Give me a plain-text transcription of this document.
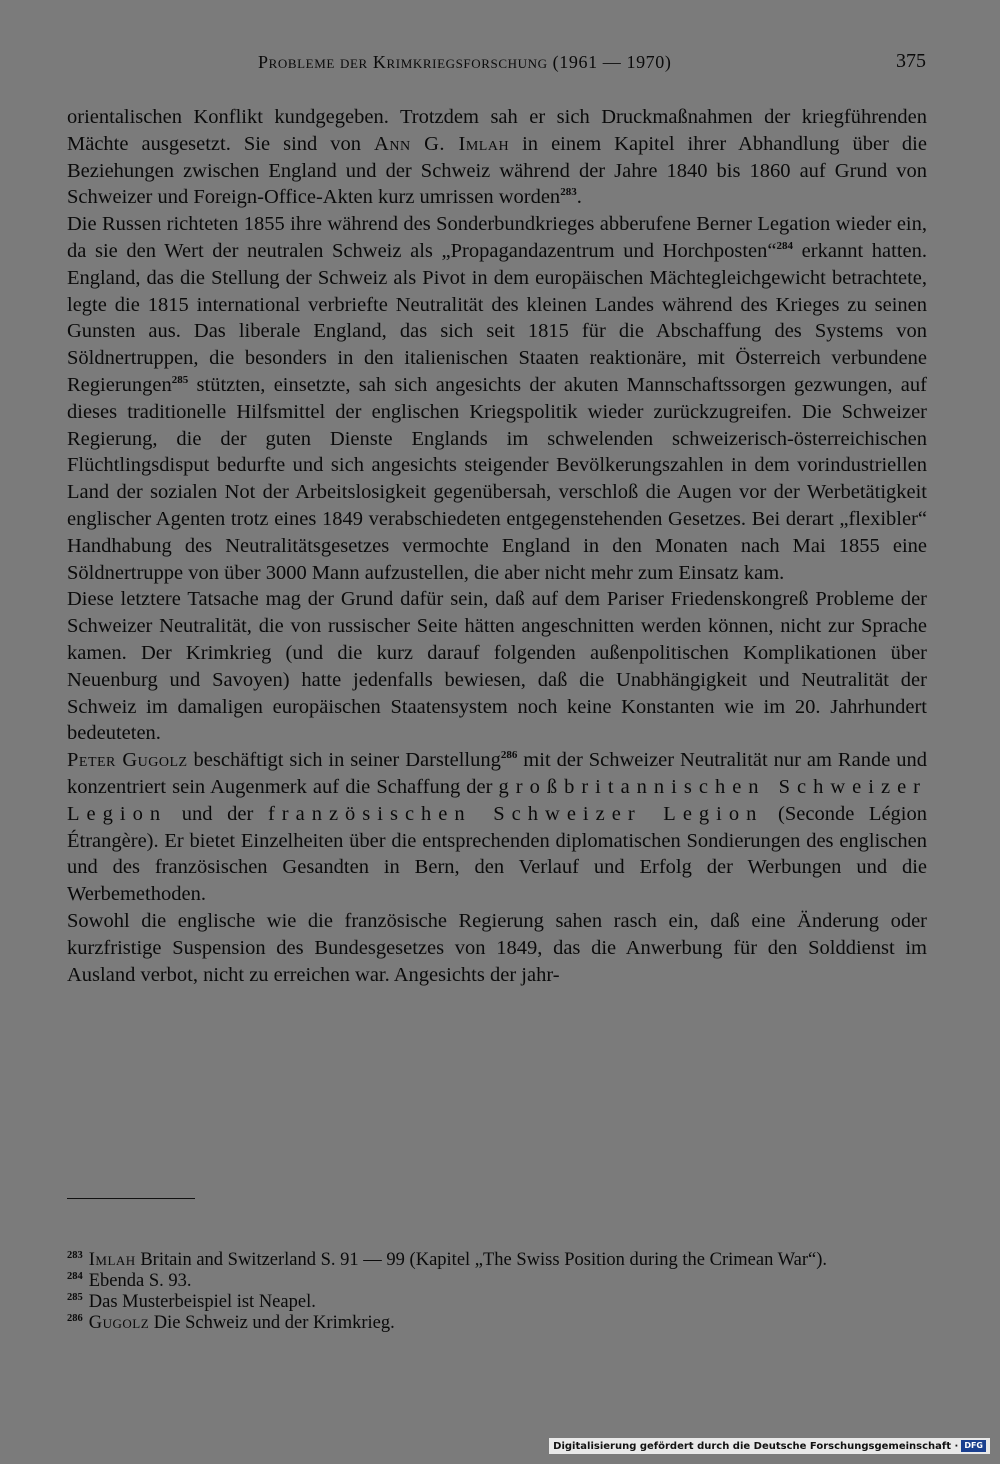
Probleme der Krimkriegsforschung (1961 — 1970)	375

orientalischen Konflikt kundgegeben. Trotzdem sah er sich Druckmaßnahmen der kriegführenden Mächte ausgesetzt. Sie sind von Ann G. Imlah in einem Kapitel ihrer Abhandlung über die Beziehungen zwischen England und der Schweiz während der Jahre 1840 bis 1860 auf Grund von Schweizer und Foreign-Office-Akten kurz umrissen worden$^{283}$.

Die Russen richteten 1855 ihre während des Sonderbundkrieges abberufene Berner Legation wieder ein, da sie den Wert der neutralen Schweiz als „Propagandazentrum und Horchposten“$^{284}$ erkannt hatten. England, das die Stellung der Schweiz als Pivot in dem europäischen Mächtegleichgewicht betrachtete, legte die 1815 international verbriefte Neutralität des kleinen Landes während des Krieges zu seinen Gunsten aus. Das liberale England, das sich seit 1815 für die Abschaffung des Systems von Söldnertruppen, die besonders in den italienischen Staaten reaktionäre, mit Österreich verbundene Regierungen$^{285}$ stützten, einsetzte, sah sich angesichts der akuten Mannschaftssorgen gezwungen, auf dieses traditionelle Hilfsmittel der englischen Kriegspolitik wieder zurückzugreifen. Die Schweizer Regierung, die der guten Dienste Englands im schwelenden schweizerisch-österreichischen Flüchtlingsdisput bedurfte und sich angesichts steigender Bevölkerungszahlen in dem vorindustriellen Land der sozialen Not der Arbeitslosigkeit gegenübersah, verschloß die Augen vor der Werbetätigkeit englischer Agenten trotz eines 1849 verabschiedeten entgegenstehenden Gesetzes. Bei derart „flexibler“ Handhabung des Neutralitätsgesetzes vermochte England in den Monaten nach Mai 1855 eine Söldnertruppe von über 3000 Mann aufzustellen, die aber nicht mehr zum Einsatz kam.

Diese letztere Tatsache mag der Grund dafür sein, daß auf dem Pariser Friedenskongreß Probleme der Schweizer Neutralität, die von russischer Seite hätten angeschnitten werden können, nicht zur Sprache kamen. Der Krimkrieg (und die kurz darauf folgenden außenpolitischen Komplikationen über Neuenburg und Savoyen) hatte jedenfalls bewiesen, daß die Unabhängigkeit und Neutralität der Schweiz im damaligen europäischen Staatensystem noch keine Konstanten wie im 20. Jahrhundert bedeuteten.

Peter Gugolz beschäftigt sich in seiner Darstellung$^{286}$ mit der Schweizer Neutralität nur am Rande und konzentriert sein Augenmerk auf die Schaffung der großbritannischen Schweizer Legion und der französischen Schweizer Legion (Seconde Légion Étrangère). Er bietet Einzelheiten über die entsprechenden diplomatischen Sondierungen des englischen und des französischen Gesandten in Bern, den Verlauf und Erfolg der Werbungen und die Werbemethoden.

Sowohl die englische wie die französische Regierung sahen rasch ein, daß eine Änderung oder kurzfristige Suspension des Bundesgesetzes von 1849, das die Anwerbung für den Solddienst im Ausland verbot, nicht zu erreichen war. Angesichts der jahr-

$^{283}$ Imlah Britain and Switzerland S. 91 — 99 (Kapitel „The Swiss Position during the Crimean War“).

$^{284}$ Ebenda S. 93.

$^{285}$ Das Musterbeispiel ist Neapel.

$^{286}$ Gugolz Die Schweiz und der Krimkrieg.

Digitalisierung gefördert durch die Deutsche Forschungsgemeinschaft · DFG
